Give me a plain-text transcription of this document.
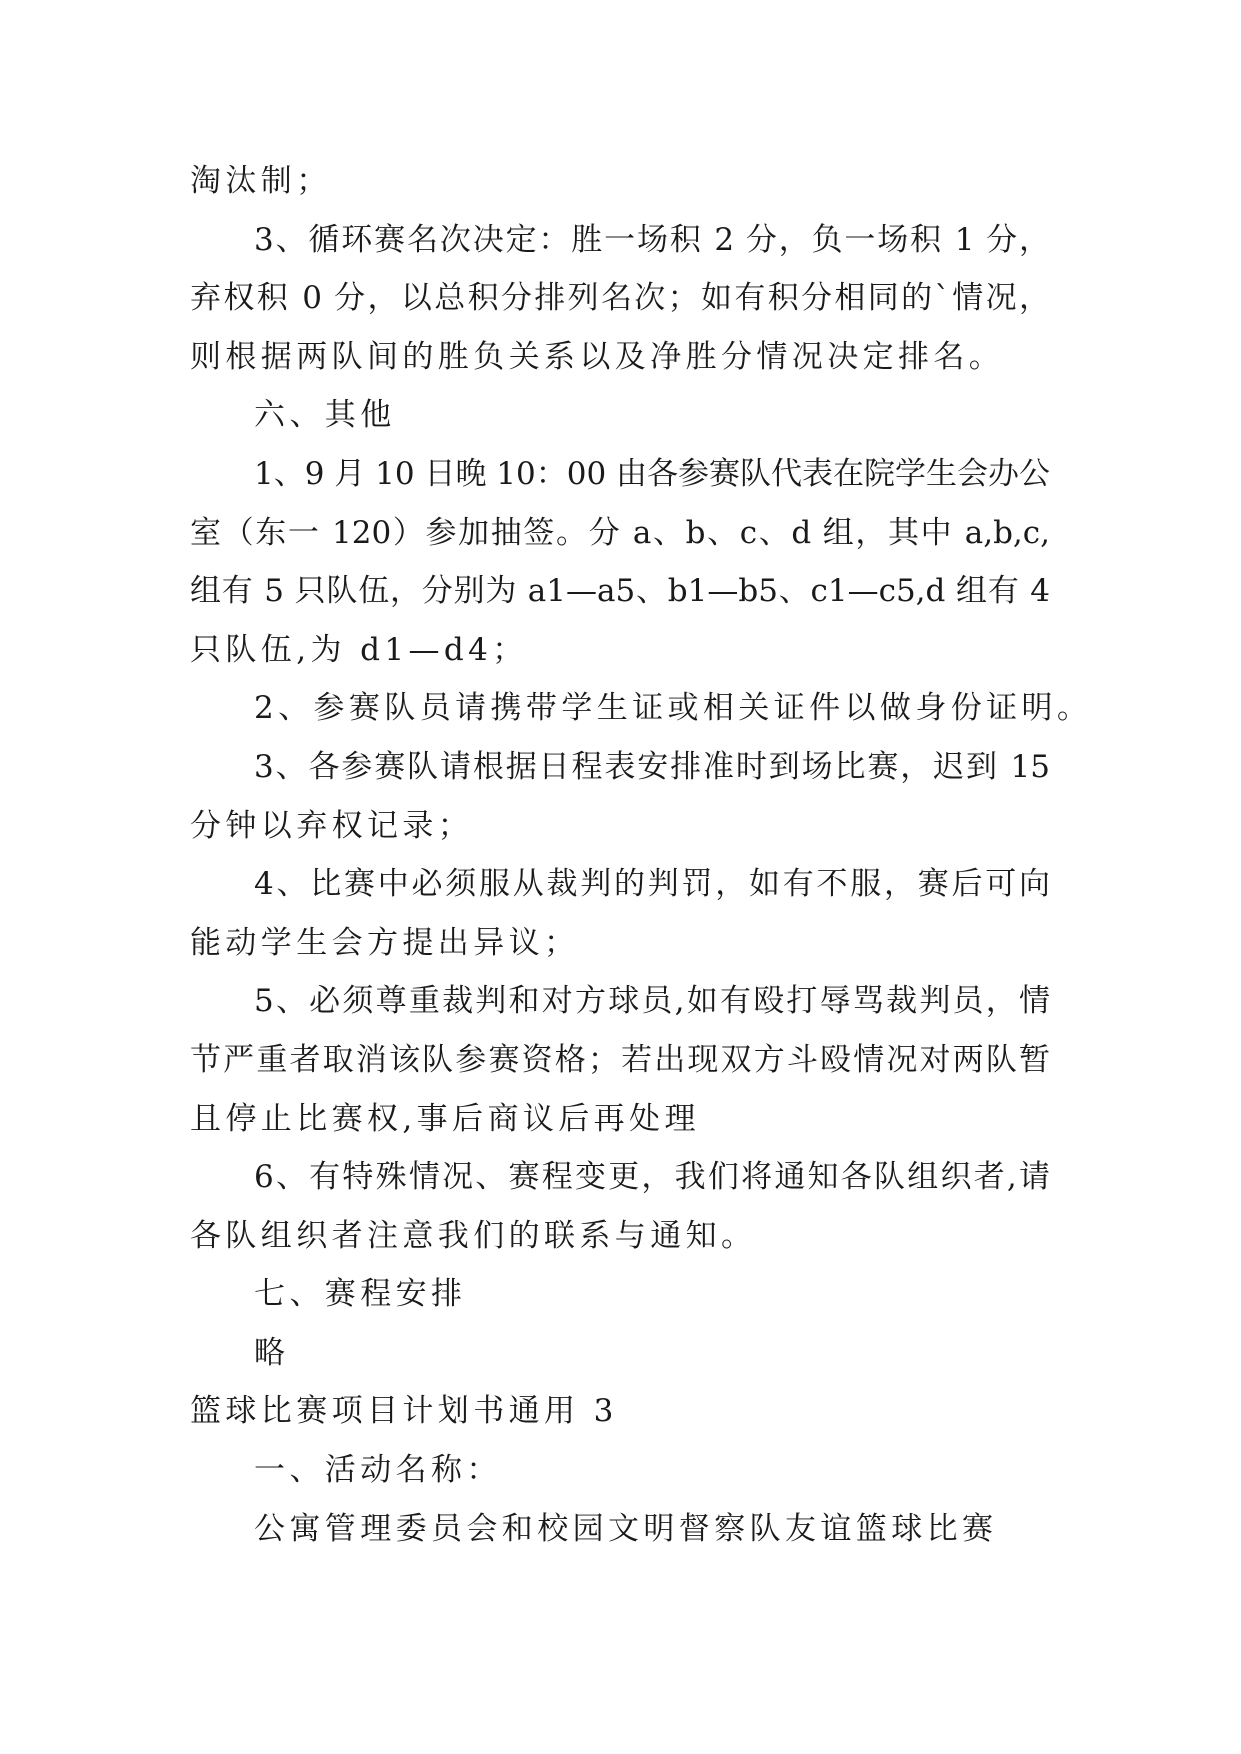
淘汰制；
3、循环赛名次决定：胜一场积 2 分，负一场积 1 分，
弃权积 0 分，以总积分排列名次；如有积分相同的`情况，
则根据两队间的胜负关系以及净胜分情况决定排名。
六、其他
1、9 月 10 日晚 10：00 由各参赛队代表在院学生会办公
室（东一 120）参加抽签。分 a、b、c、d 组，其中 a,b,c,
组有 5 只队伍，分别为 a1—a5、b1—b5、c1—c5,d 组有 4
只队伍,为 d1—d4；
2、参赛队员请携带学生证或相关证件以做身份证明。
3、各参赛队请根据日程表安排准时到场比赛，迟到 15
分钟以弃权记录；
4、比赛中必须服从裁判的判罚，如有不服，赛后可向
能动学生会方提出异议；
5、必须尊重裁判和对方球员,如有殴打辱骂裁判员，情
节严重者取消该队参赛资格；若出现双方斗殴情况对两队暂
且停止比赛权,事后商议后再处理
6、有特殊情况、赛程变更，我们将通知各队组织者,请
各队组织者注意我们的联系与通知。
七、赛程安排
略
篮球比赛项目计划书通用 3
一、活动名称：
公寓管理委员会和校园文明督察队友谊篮球比赛
